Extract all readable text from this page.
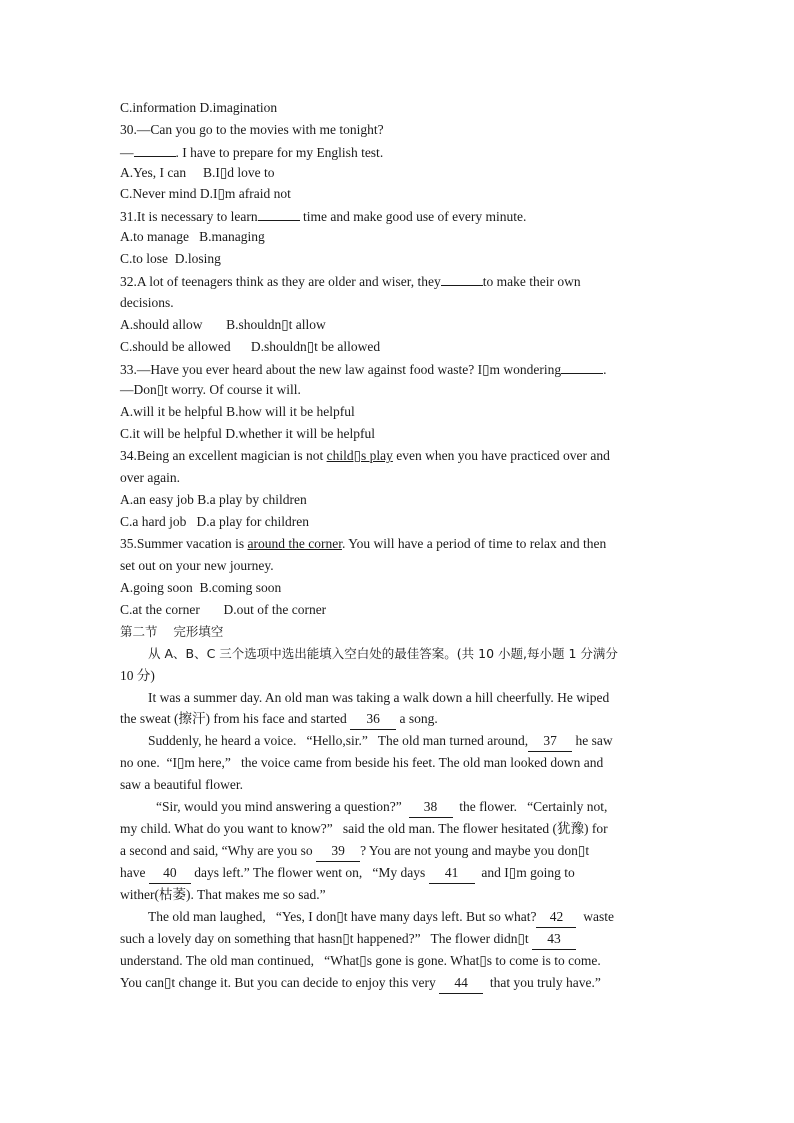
C.information D.imagination
30.—Can you go to the movies with me tonight?
—	. I have to prepare for my English test.
A.Yes, I can     B.I▯d love to
C.Never mind D.I▯m afraid not
31.It is necessary to learn	time and make good use of every minute.
A.to manage   B.managing
C.to lose  D.losing
32.A lot of teenagers think as they are older and wiser, they	to make their own
decisions.
A.should allow       B.shouldn▯t allow
C.should be allowed      D.shouldn▯t be allowed
33.—Have you ever heard about the new law against food waste? I▯m wondering	.
—Don▯t worry. Of course it will.
A.will it be helpful B.how will it be helpful
C.it will be helpful D.whether it will be helpful
34.Being an excellent magician is not child▯s play even when you have practiced over and
over again.
A.an easy job B.a play by children
C.a hard job   D.a play for children
35.Summer vacation is around the corner. You will have a period of time to relax and then
set out on your new journey.
A.going soon  B.coming soon
C.at the corner       D.out of the corner
第二节    完形填空
从 A、B、C 三个选项中选出能填入空白处的最佳答案。(共 10 小题,每小题 1 分满分
10 分)
It was a summer day. An old man was taking a walk down a hill cheerfully. He wiped
the sweat (擦汗) from his face and started 36 a song.
Suddenly, he heard a voice.   “Hello,sir.”   The old man turned around, 37 he saw
no one.  “I▯m here,”   the voice came from beside his feet. The old man looked down and
saw a beautiful flower.
“Sir, would you mind answering a question?”  38  the flower.   “Certainly not,
my child. What do you want to know?”   said the old man. The flower hesitated (犹豫) for
a second and said, “Why are you so 39 ? You are not young and maybe you don▯t
have 40 days left.” The flower went on,   “My days 41  and I▯m going to
wither(枯萎). That makes me so sad.”
The old man laughed,   “Yes, I don▯t have many days left. But so what? 42  waste
such a lovely day on something that hasn▯t happened?”   The flower didn▯t 43
understand. The old man continued,   “What▯s gone is gone. What▯s to come is to come.
You can▯t change it. But you can decide to enjoy this very 44  that you truly have.”
